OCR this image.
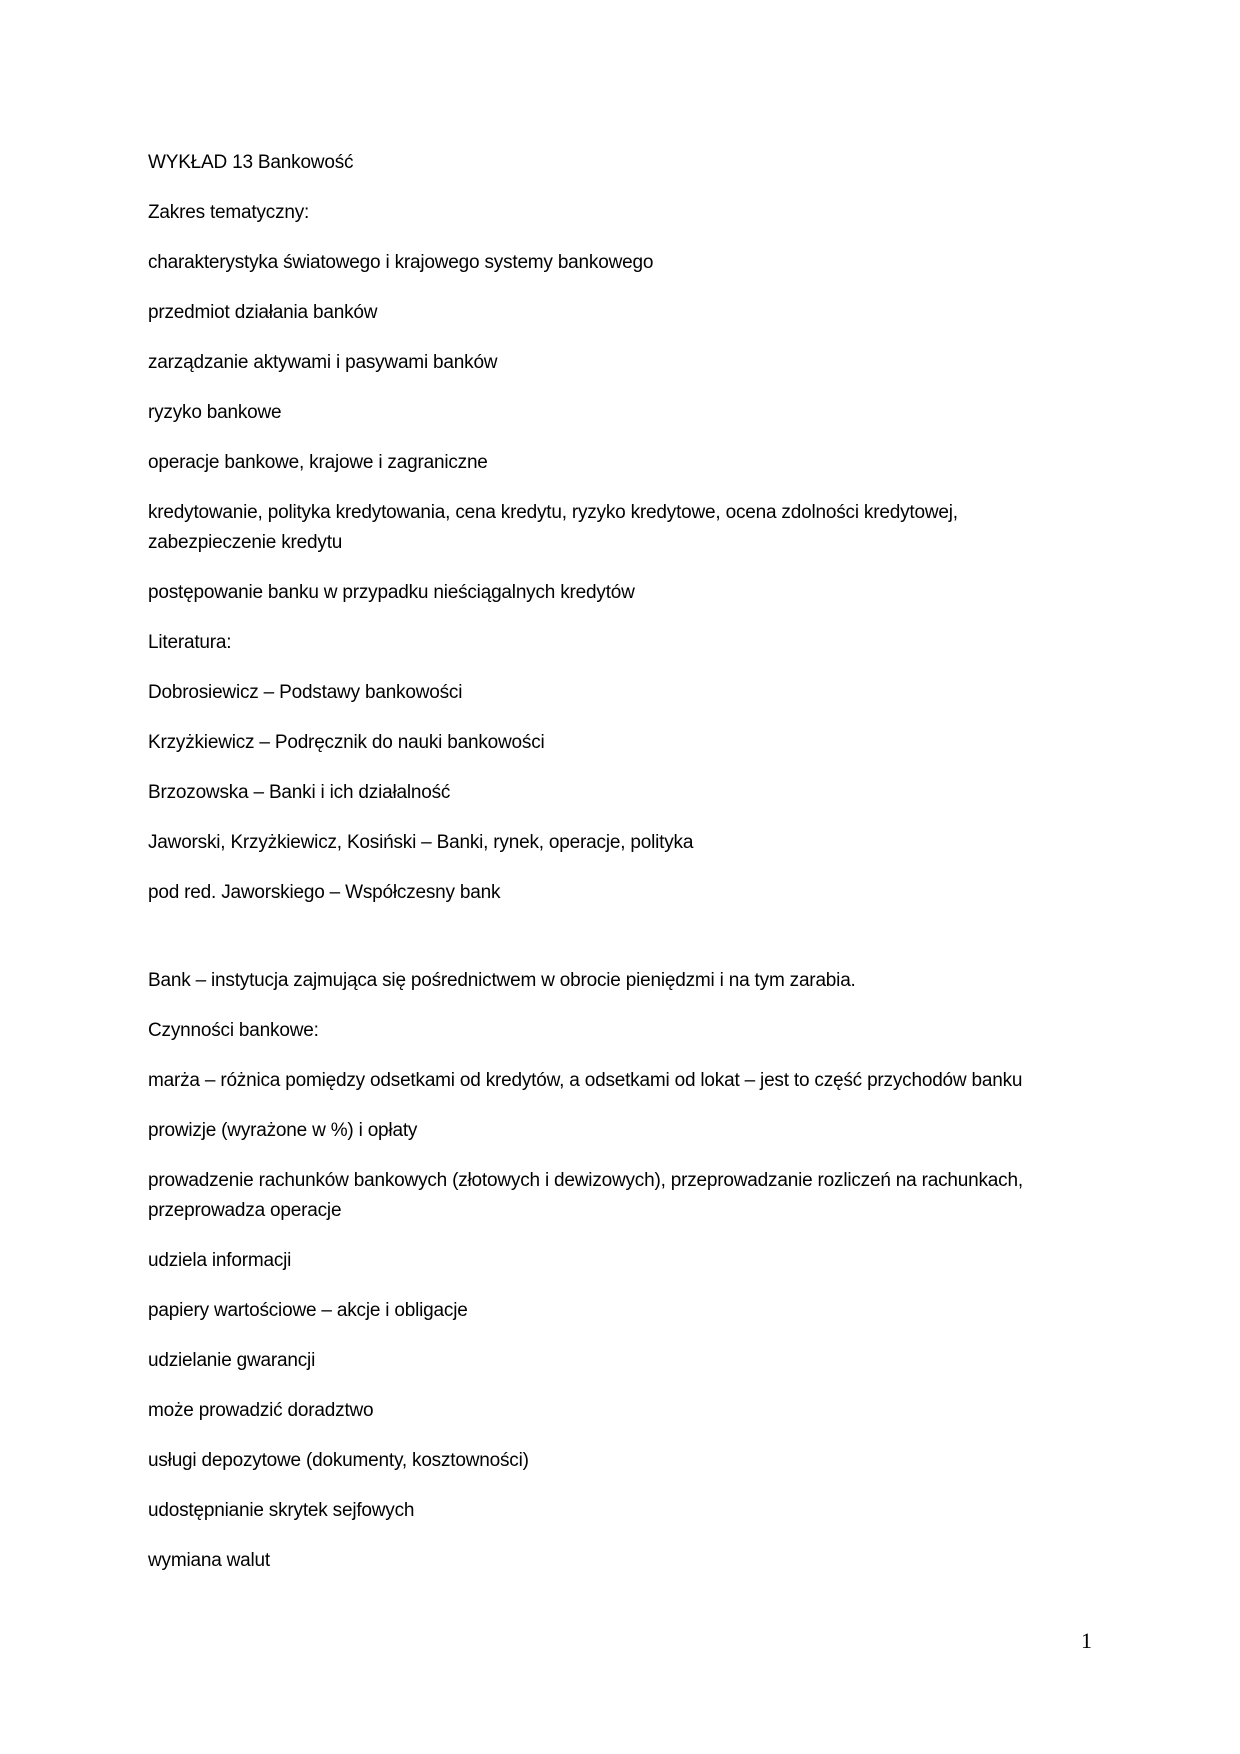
WYKŁAD 13 Bankowość

Zakres tematyczny:

charakterystyka światowego i krajowego systemy bankowego

przedmiot działania banków

zarządzanie aktywami i pasywami banków

ryzyko bankowe

operacje bankowe, krajowe i zagraniczne

kredytowanie, polityka kredytowania, cena kredytu, ryzyko kredytowe, ocena zdolności kredytowej, zabezpieczenie kredytu

postępowanie banku w przypadku nieściągalnych kredytów

Literatura:

Dobrosiewicz – Podstawy bankowości

Krzyżkiewicz – Podręcznik do nauki bankowości

Brzozowska – Banki i ich działalność

Jaworski, Krzyżkiewicz, Kosiński – Banki, rynek, operacje, polityka

pod red. Jaworskiego – Współczesny bank

Bank – instytucja zajmująca się pośrednictwem w obrocie pieniędzmi i na tym zarabia.

Czynności bankowe:

marża – różnica pomiędzy odsetkami od kredytów, a odsetkami od lokat – jest to część przychodów banku

prowizje (wyrażone w %) i opłaty

prowadzenie rachunków bankowych (złotowych i dewizowych), przeprowadzanie rozliczeń na rachunkach, przeprowadza operacje

udziela informacji

papiery wartościowe – akcje i obligacje

udzielanie gwarancji

może prowadzić doradztwo

usługi depozytowe (dokumenty, kosztowności)

udostępnianie skrytek sejfowych

wymiana walut

1
